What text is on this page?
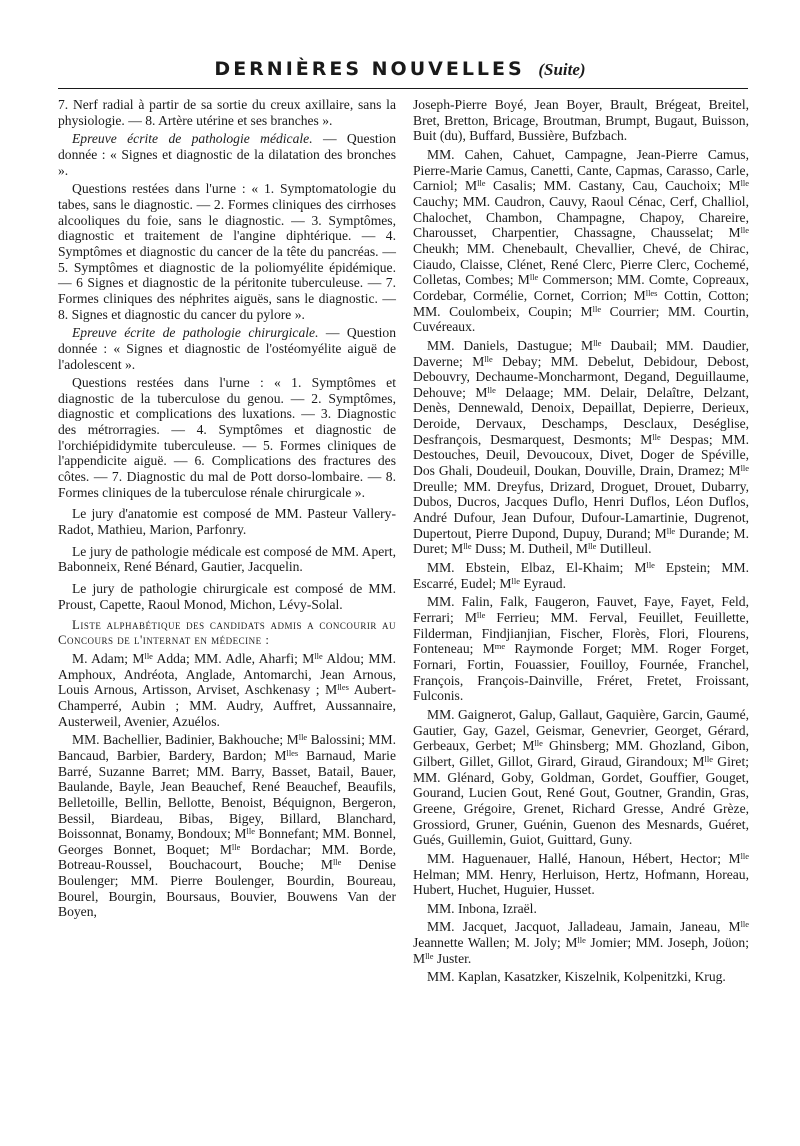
DERNIÈRES NOUVELLES (Suite)

7. Nerf radial à partir de sa sortie du creux axillaire, sans la physiologie. — 8. Artère utérine et ses branches ».

Epreuve écrite de pathologie médicale. — Question donnée : « Signes et diagnostic de la dilatation des bronches ».

Questions restées dans l'urne : « 1. Symptomatologie du tabes, sans le diagnostic. — 2. Formes cliniques des cirrhoses alcooliques du foie, sans le diagnostic. — 3. Symptômes, diagnostic et traitement de l'angine diphtérique. — 4. Symptômes et diagnostic du cancer de la tête du pancréas. — 5. Symptômes et diagnostic de la poliomyélite épidémique. — 6 Signes et diagnostic de la péritonite tuberculeuse. — 7. Formes cliniques des néphrites aiguës, sans le diagnostic. — 8. Signes et diagnostic du cancer du pylore ».

Epreuve écrite de pathologie chirurgicale. — Question donnée : « Signes et diagnostic de l'ostéomyélite aiguë de l'adolescent ».

Questions restées dans l'urne : « 1. Symptômes et diagnostic de la tuberculose du genou. — 2. Symptômes, diagnostic et complications des luxations. — 3. Diagnostic des métrorragies. — 4. Symptômes et diagnostic de l'orchiépididymite tuberculeuse. — 5. Formes cliniques de l'appendicite aiguë. — 6. Complications des fractures des côtes. — 7. Diagnostic du mal de Pott dorso-lombaire. — 8. Formes cliniques de la tuberculose rénale chirurgicale ».

Le jury d'anatomie est composé de MM. Pasteur Vallery-Radot, Mathieu, Marion, Parfonry.

Le jury de pathologie médicale est composé de MM. Apert, Babonneix, René Bénard, Gautier, Jacquelin.

Le jury de pathologie chirurgicale est composé de MM. Proust, Capette, Raoul Monod, Michon, Lévy-Solal.

Liste alphabétique des candidats admis a concourir au Concours de l'internat en médecine :

M. Adam; $M^{lle}$ Adda; MM. Adle, Aharfi; $M^{lle}$ Aldou; MM. Amphoux, Andréota, Anglade, Antomarchi, Jean Arnous, Louis Arnous, Artisson, Arviset, Aschkenasy ; $M^{lles}$ Aubert-Champerré, Aubin ; MM. Audry, Auffret, Aussannaire, Austerweil, Avenier, Azuélos.

MM. Bachellier, Badinier, Bakhouche; $M^{lle}$ Balossini; MM. Bancaud, Barbier, Bardery, Bardon; $M^{lles}$ Barnaud, Marie Barré, Suzanne Barret; MM. Barry, Basset, Batail, Bauer, Baulande, Bayle, Jean Beauchef, René Beauchef, Beaufils, Belletoille, Bellin, Bellotte, Benoist, Béquignon, Bergeron, Bessil, Biardeau, Bibas, Bigey, Billard, Blanchard, Boissonnat, Bonamy, Bondoux; $M^{lle}$ Bonnefant; MM. Bonnel, Georges Bonnet, Boquet; $M^{lle}$ Bordachar; MM. Borde, Botreau-Roussel, Bouchacourt, Bouche; $M^{lle}$ Denise Boulenger; MM. Pierre Boulenger, Bourdin, Boureau, Bourel, Bourgin, Boursaus, Bouvier, Bouwens Van der Boyen,

Joseph-Pierre Boyé, Jean Boyer, Brault, Brégeat, Breitel, Bret, Bretton, Bricage, Broutman, Brumpt, Bugaut, Buisson, Buit (du), Buffard, Bussière, Bufzbach.

MM. Cahen, Cahuet, Campagne, Jean-Pierre Camus, Pierre-Marie Camus, Canetti, Cante, Capmas, Carasso, Carle, Carniol; $M^{lle}$ Casalis; MM. Castany, Cau, Cauchoix; $M^{lle}$ Cauchy; MM. Caudron, Cauvy, Raoul Cénac, Cerf, Challiol, Chalochet, Chambon, Champagne, Chapoy, Chareire, Charousset, Charpentier, Chassagne, Chausselat; $M^{lle}$ Cheukh; MM. Chenebault, Chevallier, Chevé, de Chirac, Ciaudo, Claisse, Clénet, René Clerc, Pierre Clerc, Cochemé, Colletas, Combes; $M^{lle}$ Commerson; MM. Comte, Copreaux, Cordebar, Cormélie, Cornet, Corrion; $M^{lles}$ Cottin, Cotton; MM. Coulombeix, Coupin; $M^{lle}$ Courrier; MM. Courtin, Cuvéreaux.

MM. Daniels, Dastugue; $M^{lle}$ Daubail; MM. Daudier, Daverne; $M^{lle}$ Debay; MM. Debelut, Debidour, Debost, Debouvry, Dechaume-Moncharmont, Degand, Deguillaume, Dehouve; $M^{lle}$ Delaage; MM. Delair, Delaître, Delzant, Denès, Dennewald, Denoix, Depaillat, Depierre, Derieux, Deroide, Dervaux, Deschamps, Desclaux, Deséglise, Desfrançois, Desmarquest, Desmonts; $M^{lle}$ Despas; MM. Destouches, Deuil, Devoucoux, Divet, Doger de Spéville, Dos Ghali, Doudeuil, Doukan, Douville, Drain, Dramez; $M^{lle}$ Dreulle; MM. Dreyfus, Drizard, Droguet, Drouet, Dubarry, Dubos, Ducros, Jacques Duflo, Henri Duflos, Léon Duflos, André Dufour, Jean Dufour, Dufour-Lamartinie, Dugrenot, Dupertout, Pierre Dupond, Dupuy, Durand; $M^{lle}$ Durande; M. Duret; $M^{lle}$ Duss; M. Dutheil, $M^{lle}$ Dutilleul.

MM. Ebstein, Elbaz, El-Khaim; $M^{lle}$ Epstein; MM. Escarré, Eudel; $M^{lle}$ Eyraud.

MM. Falin, Falk, Faugeron, Fauvet, Faye, Fayet, Feld, Ferrari; $M^{lle}$ Ferrieu; MM. Ferval, Feuillet, Feuillette, Filderman, Findjianjian, Fischer, Florès, Flori, Flourens, Fonteneau; $M^{me}$ Raymonde Forget; MM. Roger Forget, Fornari, Fortin, Fouassier, Fouilloy, Fournée, Franchel, François, François-Dainville, Fréret, Fretet, Froissant, Fulconis.

MM. Gaignerot, Galup, Gallaut, Gaquière, Garcin, Gaumé, Gautier, Gay, Gazel, Geismar, Genevrier, Georget, Gérard, Gerbeaux, Gerbet; $M^{lle}$ Ghinsberg; MM. Ghozland, Gibon, Gilbert, Gillet, Gillot, Girard, Giraud, Girandoux; $M^{lle}$ Giret; MM. Glénard, Goby, Goldman, Gordet, Gouffier, Gouget, Gourand, Lucien Gout, René Gout, Goutner, Grandin, Gras, Greene, Grégoire, Grenet, Richard Gresse, André Grèze, Grossiord, Gruner, Guénin, Guenon des Mesnards, Guéret, Gués, Guillemin, Guiot, Guittard, Guny.

MM. Haguenauer, Hallé, Hanoun, Hébert, Hector; $M^{lle}$ Helman; MM. Henry, Herluison, Hertz, Hofmann, Horeau, Hubert, Huchet, Huguier, Husset.

MM. Inbona, Izraël.

MM. Jacquet, Jacquot, Jalladeau, Jamain, Janeau, $M^{lle}$ Jeannette Wallen; M. Joly; $M^{lle}$ Jomier; MM. Joseph, Joüon; $M^{lle}$ Juster.

MM. Kaplan, Kasatzker, Kiszelnik, Kolpenitzki, Krug.
